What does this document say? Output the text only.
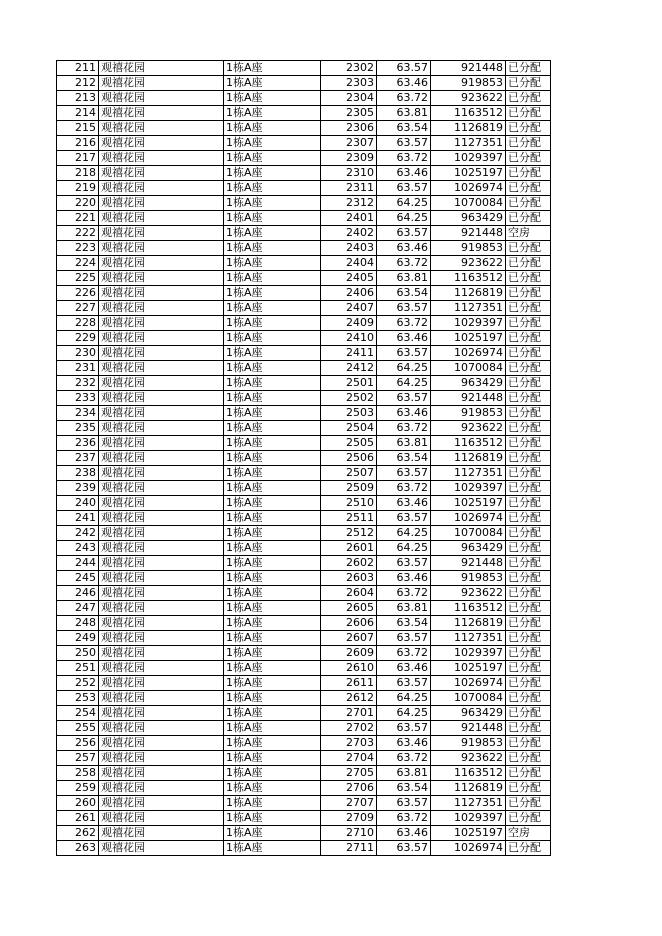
211	观禧花园	1栋A座	2302	63.57	921448	已分配
212	观禧花园	1栋A座	2303	63.46	919853	已分配
213	观禧花园	1栋A座	2304	63.72	923622	已分配
214	观禧花园	1栋A座	2305	63.81	1163512	已分配
215	观禧花园	1栋A座	2306	63.54	1126819	已分配
216	观禧花园	1栋A座	2307	63.57	1127351	已分配
217	观禧花园	1栋A座	2309	63.72	1029397	已分配
218	观禧花园	1栋A座	2310	63.46	1025197	已分配
219	观禧花园	1栋A座	2311	63.57	1026974	已分配
220	观禧花园	1栋A座	2312	64.25	1070084	已分配
221	观禧花园	1栋A座	2401	64.25	963429	已分配
222	观禧花园	1栋A座	2402	63.57	921448	空房
223	观禧花园	1栋A座	2403	63.46	919853	已分配
224	观禧花园	1栋A座	2404	63.72	923622	已分配
225	观禧花园	1栋A座	2405	63.81	1163512	已分配
226	观禧花园	1栋A座	2406	63.54	1126819	已分配
227	观禧花园	1栋A座	2407	63.57	1127351	已分配
228	观禧花园	1栋A座	2409	63.72	1029397	已分配
229	观禧花园	1栋A座	2410	63.46	1025197	已分配
230	观禧花园	1栋A座	2411	63.57	1026974	已分配
231	观禧花园	1栋A座	2412	64.25	1070084	已分配
232	观禧花园	1栋A座	2501	64.25	963429	已分配
233	观禧花园	1栋A座	2502	63.57	921448	已分配
234	观禧花园	1栋A座	2503	63.46	919853	已分配
235	观禧花园	1栋A座	2504	63.72	923622	已分配
236	观禧花园	1栋A座	2505	63.81	1163512	已分配
237	观禧花园	1栋A座	2506	63.54	1126819	已分配
238	观禧花园	1栋A座	2507	63.57	1127351	已分配
239	观禧花园	1栋A座	2509	63.72	1029397	已分配
240	观禧花园	1栋A座	2510	63.46	1025197	已分配
241	观禧花园	1栋A座	2511	63.57	1026974	已分配
242	观禧花园	1栋A座	2512	64.25	1070084	已分配
243	观禧花园	1栋A座	2601	64.25	963429	已分配
244	观禧花园	1栋A座	2602	63.57	921448	已分配
245	观禧花园	1栋A座	2603	63.46	919853	已分配
246	观禧花园	1栋A座	2604	63.72	923622	已分配
247	观禧花园	1栋A座	2605	63.81	1163512	已分配
248	观禧花园	1栋A座	2606	63.54	1126819	已分配
249	观禧花园	1栋A座	2607	63.57	1127351	已分配
250	观禧花园	1栋A座	2609	63.72	1029397	已分配
251	观禧花园	1栋A座	2610	63.46	1025197	已分配
252	观禧花园	1栋A座	2611	63.57	1026974	已分配
253	观禧花园	1栋A座	2612	64.25	1070084	已分配
254	观禧花园	1栋A座	2701	64.25	963429	已分配
255	观禧花园	1栋A座	2702	63.57	921448	已分配
256	观禧花园	1栋A座	2703	63.46	919853	已分配
257	观禧花园	1栋A座	2704	63.72	923622	已分配
258	观禧花园	1栋A座	2705	63.81	1163512	已分配
259	观禧花园	1栋A座	2706	63.54	1126819	已分配
260	观禧花园	1栋A座	2707	63.57	1127351	已分配
261	观禧花园	1栋A座	2709	63.72	1029397	已分配
262	观禧花园	1栋A座	2710	63.46	1025197	空房
263	观禧花园	1栋A座	2711	63.57	1026974	已分配
